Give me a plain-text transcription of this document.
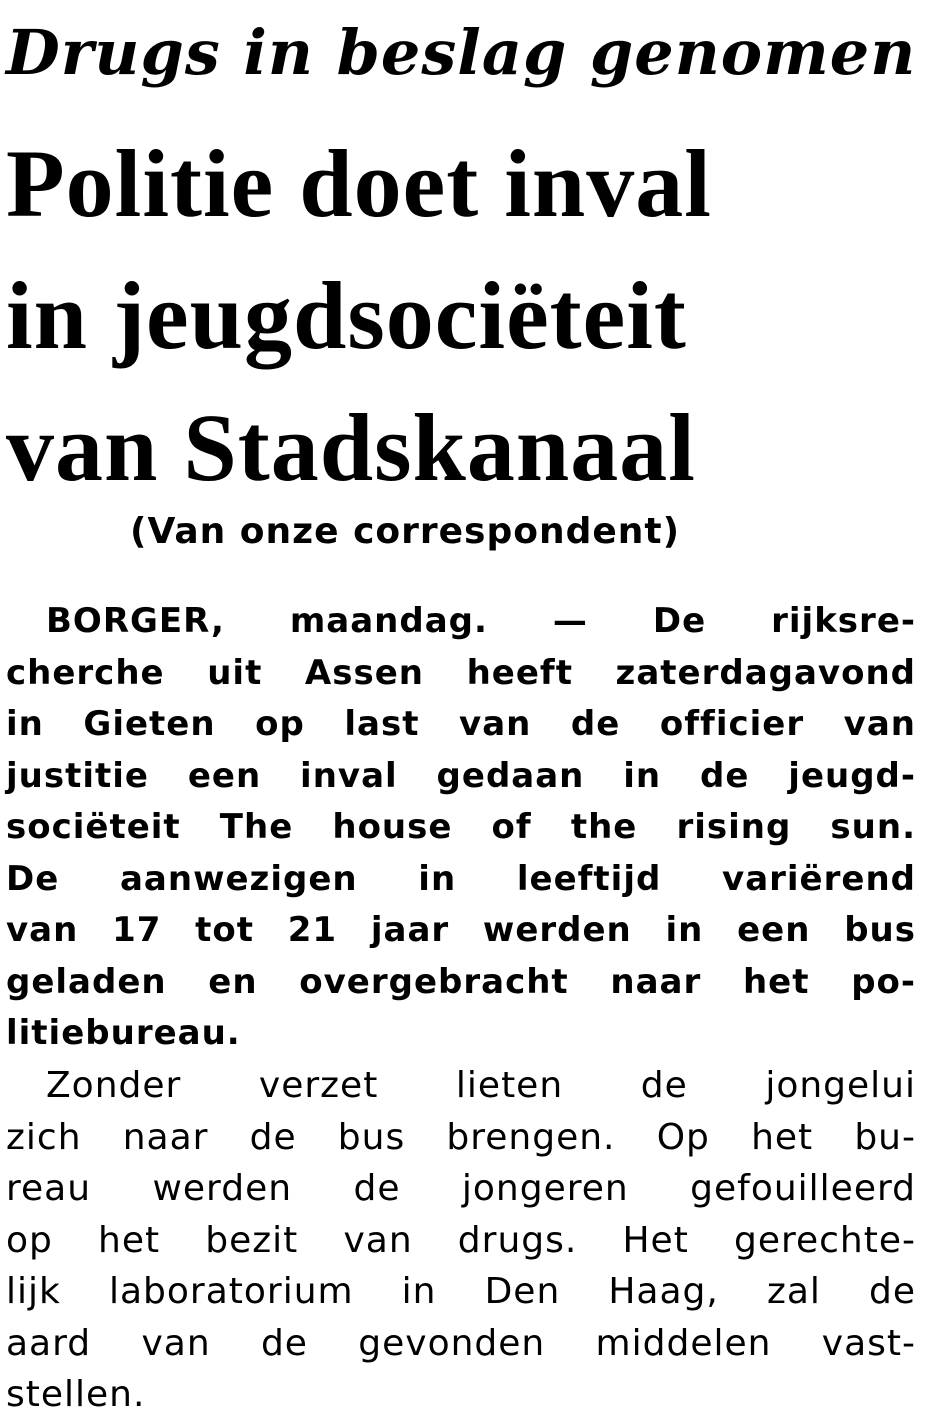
Drugs in beslag genomen
Politie doet inval
in jeugdsociëteit
van Stadskanaal

(Van onze correspondent)

BORGER, maandag. — De rijksre-
cherche uit Assen heeft zaterdagavond
in Gieten op last van de officier van
justitie een inval gedaan in de jeugd-
sociëteit The house of the rising sun.
De aanwezigen in leeftijd variërend
van 17 tot 21 jaar werden in een bus
geladen en overgebracht naar het po-
litiebureau.
Zonder verzet lieten de jongelui
zich naar de bus brengen. Op het bu-
reau werden de jongeren gefouilleerd
op het bezit van drugs. Het gerechte-
lijk laboratorium in Den Haag, zal de
aard van de gevonden middelen vast-
stellen.
